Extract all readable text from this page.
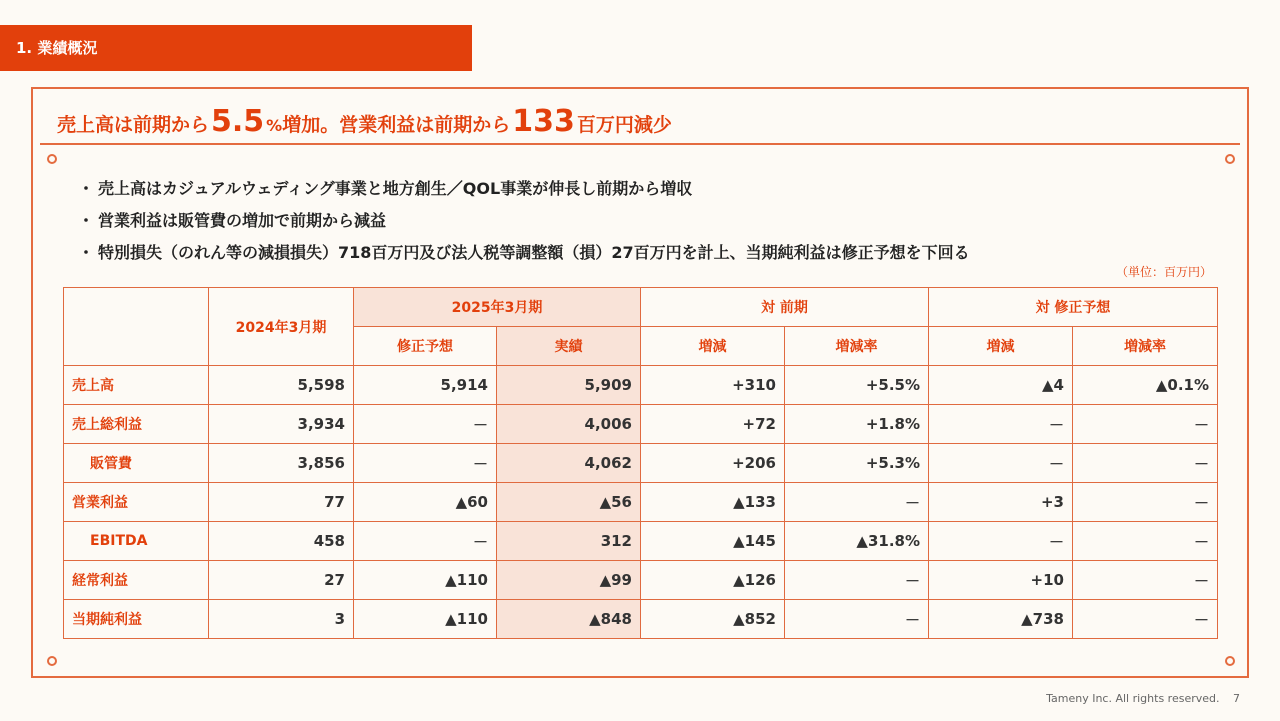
1. 業績概況
売上高は前期から 5.5 % 増加。営業利益は前期から 133 百万円減少
・ 売上高はカジュアルウェディング事業と地方創生／QOL事業が伸長し前期から増収
・ 営業利益は販管費の増加で前期から減益
・ 特別損失（のれん等の減損損失）718百万円及び法人税等調整額（損）27百万円を計上、当期純利益は修正予想を下回る
（単位：百万円）
	2024年3月期	2025年3月期		対 前期		対 修正予想	
		修正予想	実績	増減	増減率	増減	増減率
売上高	5,598	5,914	5,909	+310	+5.5%	▲4	▲0.1%
売上総利益	3,934	－	4,006	+72	+1.8%	－	－
販管費	3,856	－	4,062	+206	+5.3%	－	－
営業利益	77	▲60	▲56	▲133	－	+3	－
EBITDA	458	－	312	▲145	▲31.8%	－	－
経常利益	27	▲110	▲99	▲126	－	+10	－
当期純利益	3	▲110	▲848	▲852	－	▲738	－
Tameny Inc. All rights reserved. 7
